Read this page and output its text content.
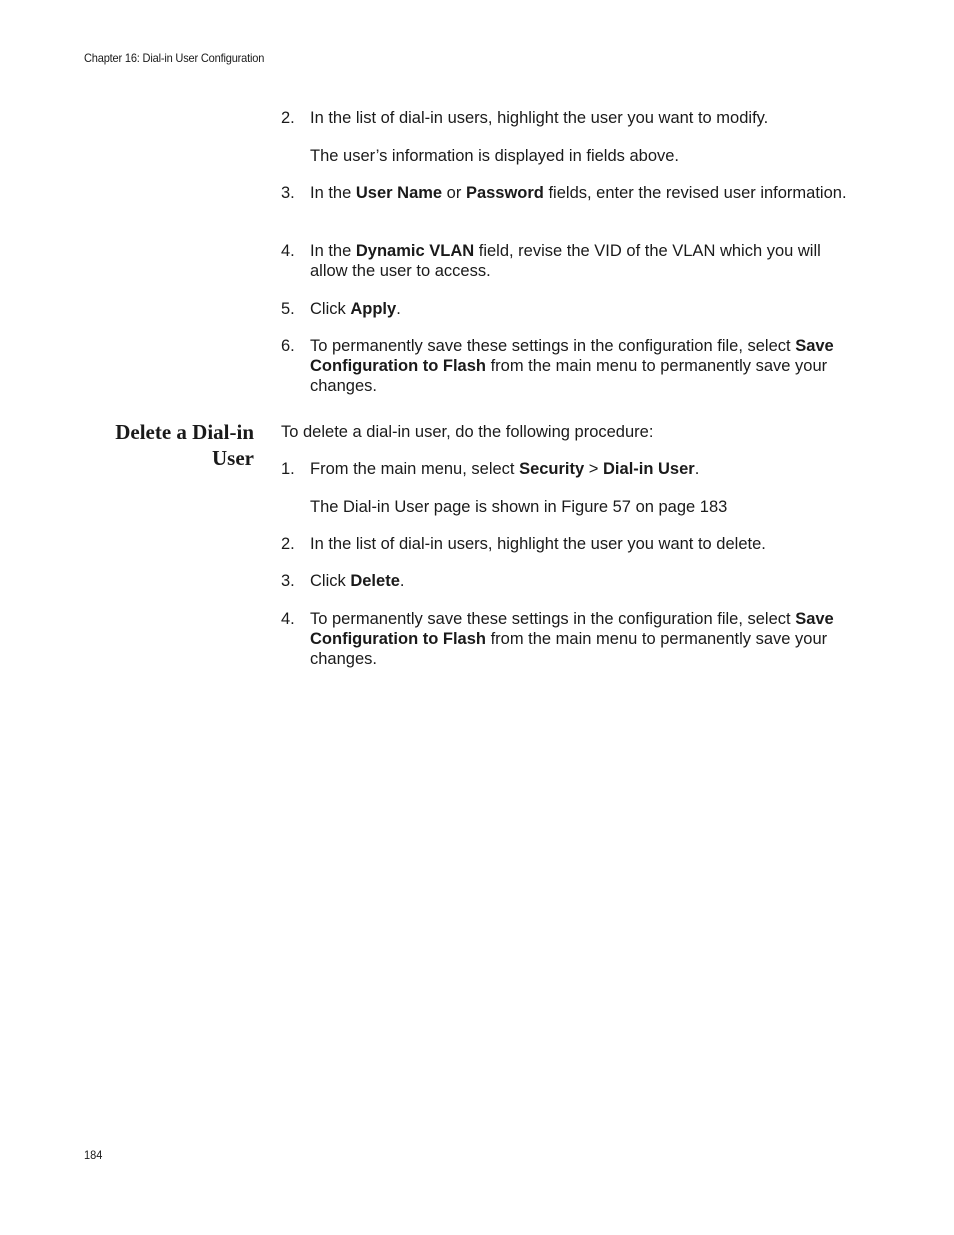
Chapter 16: Dial-in User Configuration
2. In the list of dial-in users, highlight the user you want to modify.
The user’s information is displayed in fields above.
3. In the User Name or Password fields, enter the revised user information.
4. In the Dynamic VLAN field, revise the VID of the VLAN which you will allow the user to access.
5. Click Apply.
6. To permanently save these settings in the configuration file, select Save Configuration to Flash from the main menu to permanently save your changes.
Delete a Dial-in
User
To delete a dial-in user, do the following procedure:
1. From the main menu, select Security > Dial-in User.
The Dial-in User page is shown in Figure 57 on page 183
2. In the list of dial-in users, highlight the user you want to delete.
3. Click Delete.
4. To permanently save these settings in the configuration file, select Save Configuration to Flash from the main menu to permanently save your changes.
184
